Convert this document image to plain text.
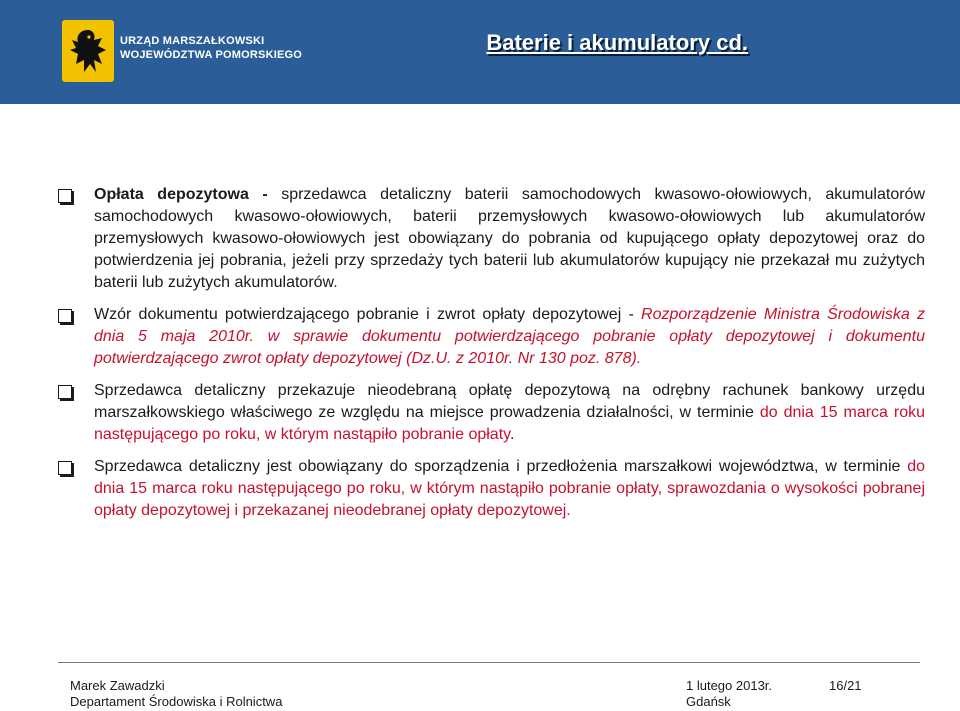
URZĄD MARSZAŁKOWSKI
WOJEWÓDZTWA POMORSKIEGO	Baterie i akumulatory cd.
Opłata depozytowa - sprzedawca detaliczny baterii samochodowych kwasowo-ołowiowych, akumulatorów samochodowych kwasowo-ołowiowych, baterii przemysłowych kwasowo-ołowiowych lub akumulatorów przemysłowych kwasowo-ołowiowych jest obowiązany do pobrania od kupującego opłaty depozytowej oraz do potwierdzenia jej pobrania, jeżeli przy sprzedaży tych baterii lub akumulatorów kupujący nie przekazał mu zużytych baterii lub zużytych akumulatorów.
Wzór dokumentu potwierdzającego pobranie i zwrot opłaty depozytowej - Rozporządzenie Ministra Środowiska z dnia 5 maja 2010r. w sprawie dokumentu potwierdzającego pobranie opłaty depozytowej i dokumentu potwierdzającego zwrot opłaty depozytowej (Dz.U. z 2010r. Nr 130 poz. 878).
Sprzedawca detaliczny przekazuje nieodebraną opłatę depozytową na odrębny rachunek bankowy urzędu marszałkowskiego właściwego ze względu na miejsce prowadzenia działalności, w terminie do dnia 15 marca roku następującego po roku, w którym nastąpiło pobranie opłaty.
Sprzedawca detaliczny jest obowiązany do sporządzenia i przedłożenia marszałkowi województwa, w terminie do dnia 15 marca roku następującego po roku, w którym nastąpiło pobranie opłaty, sprawozdania o wysokości pobranej opłaty depozytowej i przekazanej nieodebranej opłaty depozytowej.
Marek Zawadzki
Departament Środowiska i Rolnictwa
1 lutego 2013r.
Gdańsk
16/21
